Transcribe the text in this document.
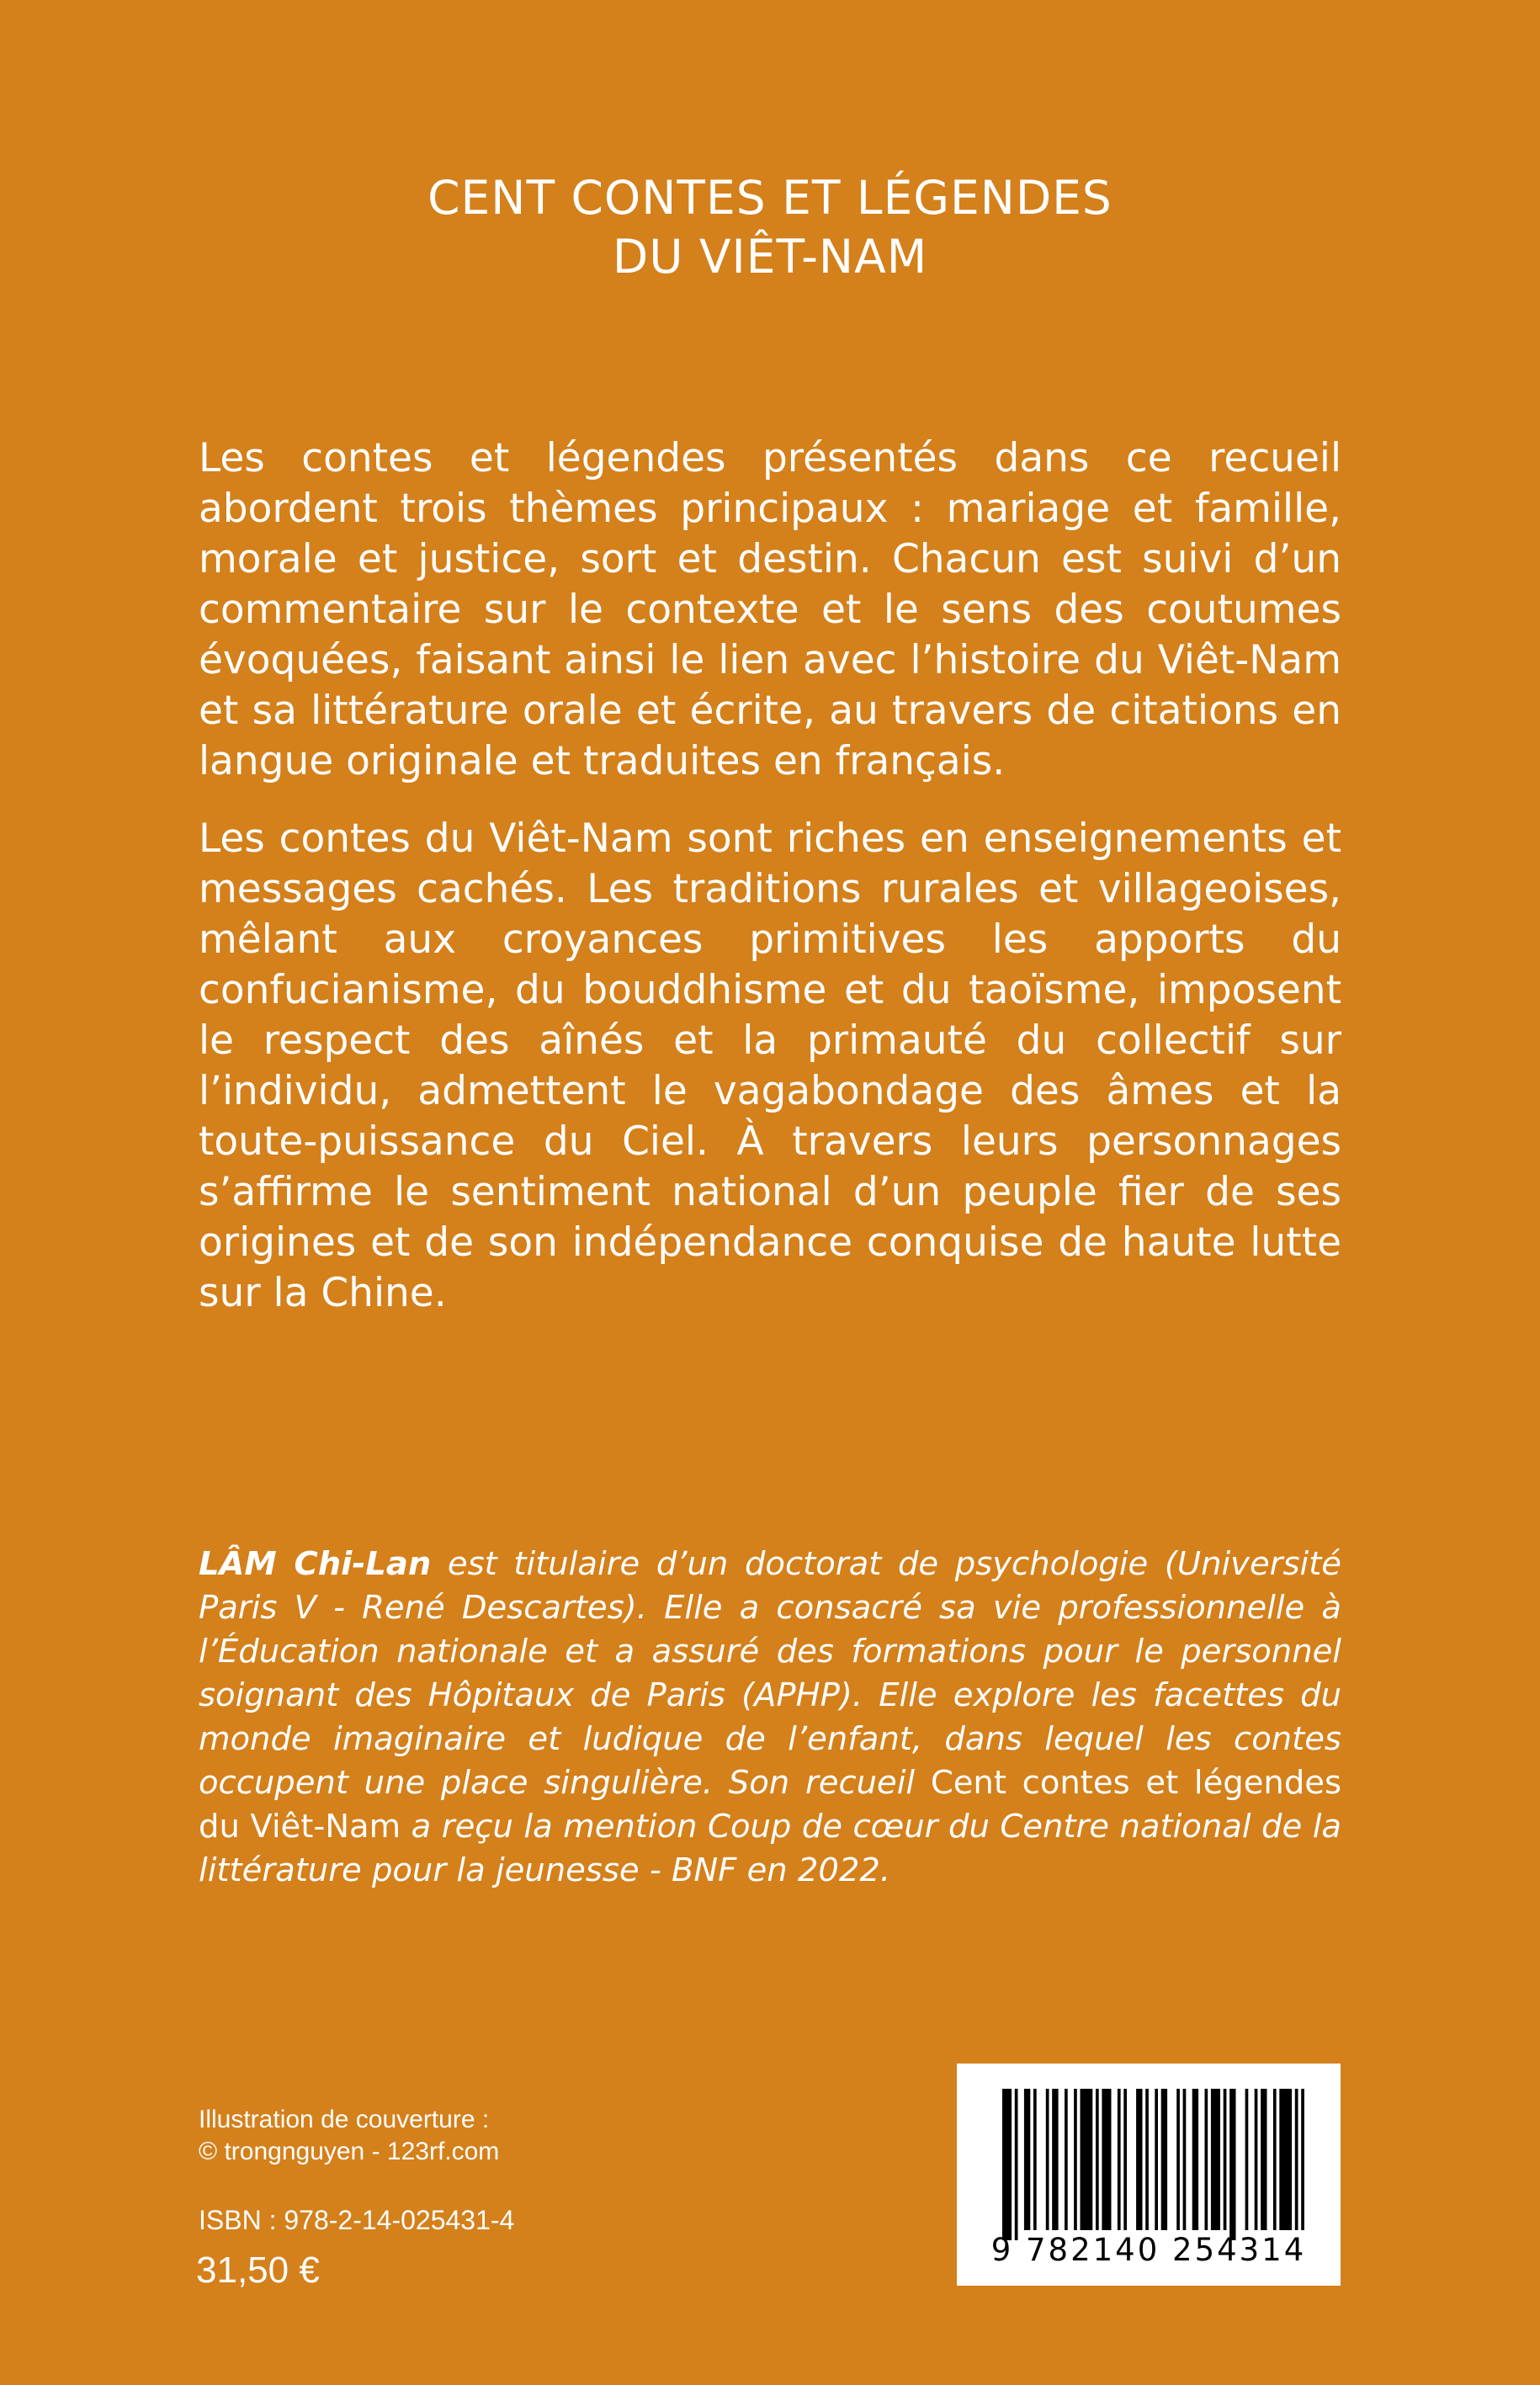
CENT CONTES ET LÉGENDES
DU VIÊT-NAM

Les contes et légendes présentés dans ce recueil abordent trois thèmes principaux : mariage et famille, morale et justice, sort et destin. Chacun est suivi d’un commentaire sur le contexte et le sens des coutumes évoquées, faisant ainsi le lien avec l’histoire du Viêt-Nam et sa littérature orale et écrite, au travers de citations en langue originale et traduites en français.

Les contes du Viêt-Nam sont riches en enseignements et messages cachés. Les traditions rurales et villageoises, mêlant aux croyances primitives les apports du confucianisme, du bouddhisme et du taoïsme, imposent le respect des aînés et la primauté du collectif sur l’individu, admettent le vagabondage des âmes et la toute-puissance du Ciel. À travers leurs personnages s’affirme le sentiment national d’un peuple fier de ses origines et de son indépendance conquise de haute lutte sur la Chine.

LÂM Chi-Lan est titulaire d’un doctorat de psychologie (Université Paris V - René Descartes). Elle a consacré sa vie professionnelle à l’Éducation nationale et a assuré des formations pour le personnel soignant des Hôpitaux de Paris (APHP). Elle explore les facettes du monde imaginaire et ludique de l’enfant, dans lequel les contes occupent une place singulière. Son recueil Cent contes et légendes du Viêt-Nam a reçu la mention Coup de cœur du Centre national de la littérature pour la jeunesse - BNF en 2022.

Illustration de couverture :
© trongnguyen - 123rf.com
ISBN : 978-2-14-025431-4
31,50 €	9 782140 254314
